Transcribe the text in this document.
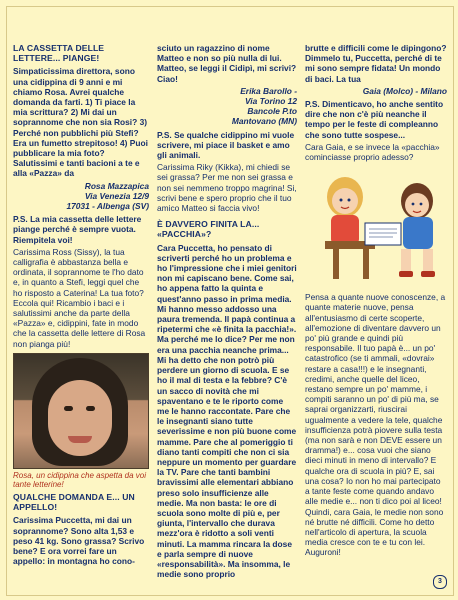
LA CASSETTA DELLE LETTERE... PIANGE!

Simpaticissima direttora, sono una cidippina di 9 anni e mi chiamo Rosa. Avrei qualche domanda da farti. 1) Ti piace la mia scrittura? 2) Mi dai un soprannome che non sia Rosi? 3) Perché non pubblichi più Stefi? Era un fumetto strepitoso! 4) Puoi pubblicare la mia foto? Salutissimi e tanti bacioni a te e alla «Pazza» da

Rosa Mazzapica
Via Venezia 12/9
17031 - Albenga (SV)

P.S. La mia cassetta delle lettere piange perché è sempre vuota. Riempitela voi!

Carissima Ross (Sissy), la tua calligrafia è abbastanza bella e ordinata, il soprannome te l'ho dato e, in quanto a Stefi, leggi quel che ho risposto a Caterina! La tua foto? Eccola qui! Ricambio i baci e i salutissimi anche da parte della «Pazza» e, cidippini, fate in modo che la cassetta delle lettere di Rosa non pianga più!

Rosa, un cidippina che aspetta da voi tante letterine!

QUALCHE DOMANDA E... UN APPELLO!

Carissima Puccetta, mi dai un soprannome? Sono alta 1,53 e peso 41 kg. Sono grassa? Scrivo bene? E ora vorrei fare un appello: in montagna ho cono-

sciuto un ragazzino di nome Matteo e non so più nulla di lui. Matteo, se leggi il Cidipì, mi scrivi? Ciao!

Erika Barollo -
Via Torino 12
Bancole P.to
Mantovano (MN)

P.S. Se qualche cidippino mi vuole scrivere, mi piace il basket e amo gli animali.

Carissima Riky (Kikka), mi chiedi se sei grassa? Per me non sei grassa e non sei nemmeno troppo magrina! Si, scrivi bene e spero proprio che il tuo amico Matteo si faccia vivo!

È DAVVERO FINITA LA... «PACCHIA»?

Cara Puccetta, ho pensato di scriverti perché ho un problema e ho l'impressione che i miei genitori non mi capiscano bene. Come sai, ho appena fatto la quinta e quest'anno passo in prima media. Mi hanno messo addosso una paura tremenda. Il papà continua a ripetermi che «è finita la pacchia!». Ma perché me lo dice? Per me non era una pacchia neanche prima... Mi ha detto che non potrò più perdere un giorno di scuola. E se ho il mal di testa e la febbre? C'è un sacco di novità che mi spaventano e te le riporto come me le hanno raccontate. Pare che le insegnanti siano tutte severissime e non più buone come mamme. Pare che al pomeriggio ti diano tanti compiti che non ci sia neppure un momento per guardare la TV. Pare che tanti bambini bravissimi alle elementari abbiano preso solo insufficienze alle medie. Ma non basta: le ore di scuola sono molte di più e, per giunta, l'intervallo che durava mezz'ora è ridotto a soli venti minuti. La mamma rincara la dose e parla sempre di nuove «responsabilità». Ma insomma, le medie sono proprio

brutte e difficili come le dipingono? Dimmelo tu, Puccetta, perché di te mi sono sempre fidata! Un mondo di baci. La tua

Gaia (Molco) - Milano

P.S. Dimenticavo, ho anche sentito dire che non c'è più neanche il tempo per le feste di compleanno che sono tutte sospese...

Cara Gaia, e se invece la «pacchia» cominciasse proprio adesso?

Pensa a quante nuove conoscenze, a quante materie nuove, pensa all'entusiasmo di certe scoperte, all'emozione di diventare davvero un po' più grande e quindi più responsabile. Il tuo papà è... un po' catastrofico (se ti ammali, «dovrai» restare a casa!!!) e le insegnanti, credimi, anche quelle del liceo, restano sempre un po' mamme, i compiti saranno un po' di più ma, se saprai organizzarti, riuscirai ugualmente a vedere la tele, qualche insufficienza potrà piovere sulla testa (ma non sarà e non DEVE essere un dramma!) e... cosa vuoi che siano dieci minuti in meno di intervallo? E qualche ora di scuola in più? E, sai una cosa? Io non ho mai partecipato a tante feste come quando andavo alle medie e... non ti dico poi al liceo! Quindi, cara Gaia, le medie non sono né brutte né difficili. Come ho detto nell'articolo di apertura, la scuola media cresce con te e tu con lei. Auguroni!

3
